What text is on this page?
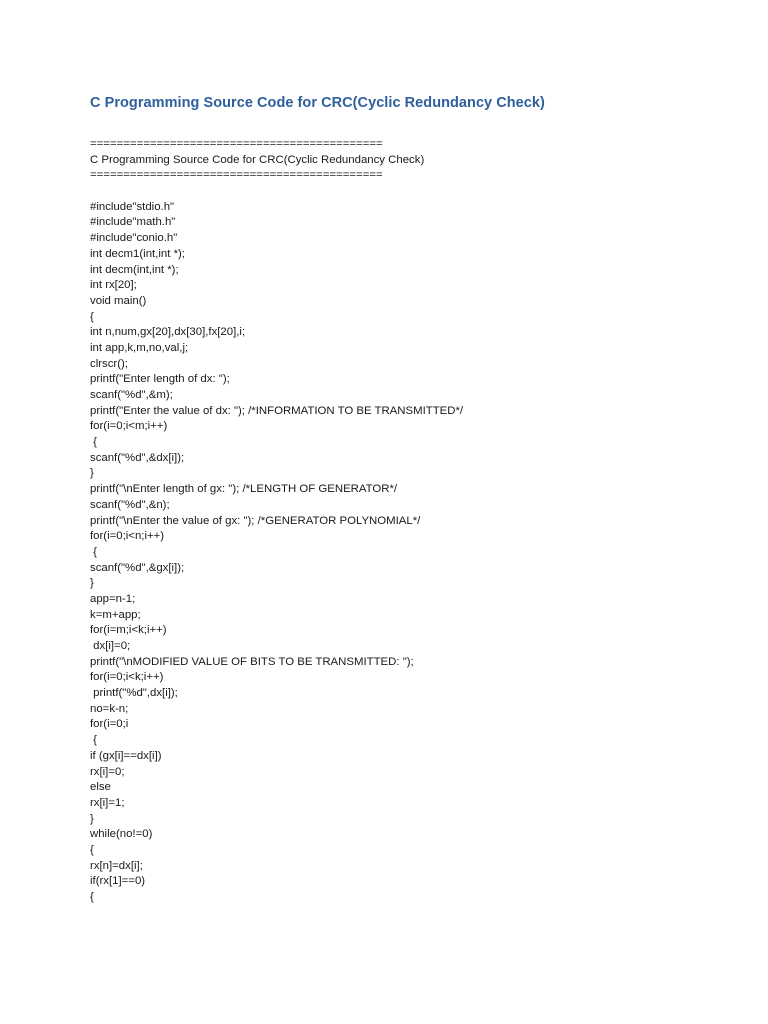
C Programming Source Code for CRC(Cyclic Redundancy Check)
============================================
C Programming Source Code for CRC(Cyclic Redundancy Check)
============================================
#include"stdio.h"
#include"math.h"
#include"conio.h"
int decm1(int,int *);
int decm(int,int *);
int rx[20];
void main()
{
int n,num,gx[20],dx[30],fx[20],i;
int app,k,m,no,val,j;
clrscr();
printf("Enter length of dx: ");
scanf("%d",&m);
printf("Enter the value of dx: "); /*INFORMATION TO BE TRANSMITTED*/
for(i=0;i<m;i++)
{
scanf("%d",&dx[i]);
}
printf("\nEnter length of gx: "); /*LENGTH OF GENERATOR*/
scanf("%d",&n);
printf("\nEnter the value of gx: "); /*GENERATOR POLYNOMIAL*/
for(i=0;i<n;i++)
{
scanf("%d",&gx[i]);
}
app=n-1;
k=m+app;
for(i=m;i<k;i++)
dx[i]=0;
printf("\nMODIFIED VALUE OF BITS TO BE TRANSMITTED: ");
for(i=0;i<k;i++)
printf("%d",dx[i]);
no=k-n;
for(i=0;i
{
if (gx[i]==dx[i])
rx[i]=0;
else
rx[i]=1;
}
while(no!=0)
{
rx[n]=dx[i];
if(rx[1]==0)
{
